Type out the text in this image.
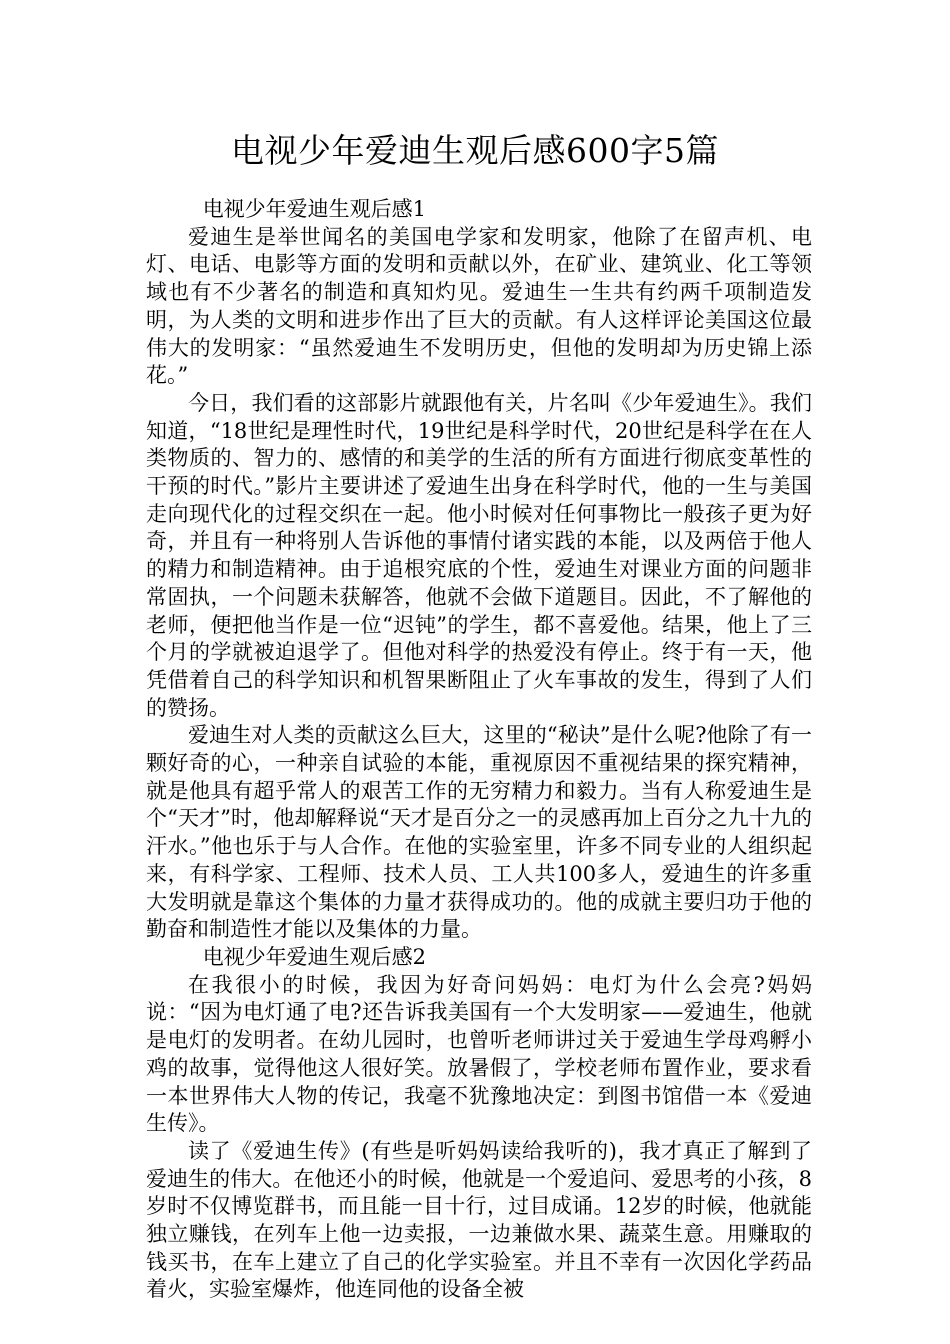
电视少年爱迪生观后感600字5篇

电视少年爱迪生观后感1

爱迪生是举世闻名的美国电学家和发明家，他除了在留声机、电灯、电话、电影等方面的发明和贡献以外，在矿业、建筑业、化工等领域也有不少著名的制造和真知灼见。爱迪生一生共有约两千项制造发明，为人类的文明和进步作出了巨大的贡献。有人这样评论美国这位最伟大的发明家：“虽然爱迪生不发明历史，但他的发明却为历史锦上添花。”

今日，我们看的这部影片就跟他有关，片名叫《少年爱迪生》。我们知道，“18世纪是理性时代，19世纪是科学时代，20世纪是科学在在人类物质的、智力的、感情的和美学的生活的所有方面进行彻底变革性的干预的时代。”影片主要讲述了爱迪生出身在科学时代，他的一生与美国走向现代化的过程交织在一起。他小时候对任何事物比一般孩子更为好奇，并且有一种将别人告诉他的事情付诸实践的本能，以及两倍于他人的精力和制造精神。由于追根究底的个性，爱迪生对课业方面的问题非常固执，一个问题未获解答，他就不会做下道题目。因此，不了解他的老师，便把他当作是一位“迟钝”的学生，都不喜爱他。结果，他上了三个月的学就被迫退学了。但他对科学的热爱没有停止。终于有一天，他凭借着自己的科学知识和机智果断阻止了火车事故的发生，得到了人们的赞扬。

爱迪生对人类的贡献这么巨大，这里的“秘诀”是什么呢?他除了有一颗好奇的心，一种亲自试验的本能，重视原因不重视结果的探究精神，就是他具有超乎常人的艰苦工作的无穷精力和毅力。当有人称爱迪生是个“天才”时，他却解释说“天才是百分之一的灵感再加上百分之九十九的汗水。”他也乐于与人合作。在他的实验室里，许多不同专业的人组织起来，有科学家、工程师、技术人员、工人共100多人，爱迪生的许多重大发明就是靠这个集体的力量才获得成功的。他的成就主要归功于他的勤奋和制造性才能以及集体的力量。

电视少年爱迪生观后感2

在我很小的时候，我因为好奇问妈妈：电灯为什么会亮?妈妈说：“因为电灯通了电?还告诉我美国有一个大发明家——爱迪生，他就是电灯的发明者。在幼儿园时，也曾听老师讲过关于爱迪生学母鸡孵小鸡的故事，觉得他这人很好笑。放暑假了，学校老师布置作业，要求看一本世界伟大人物的传记，我毫不犹豫地决定：到图书馆借一本《爱迪生传》。

读了《爱迪生传》(有些是听妈妈读给我听的)，我才真正了解到了爱迪生的伟大。在他还小的时候，他就是一个爱追问、爱思考的小孩，8岁时不仅博览群书，而且能一目十行，过目成诵。12岁的时候，他就能独立赚钱，在列车上他一边卖报，一边兼做水果、蔬菜生意。用赚取的钱买书，在车上建立了自己的化学实验室。并且不幸有一次因化学药品着火，实验室爆炸，他连同他的设备全被
